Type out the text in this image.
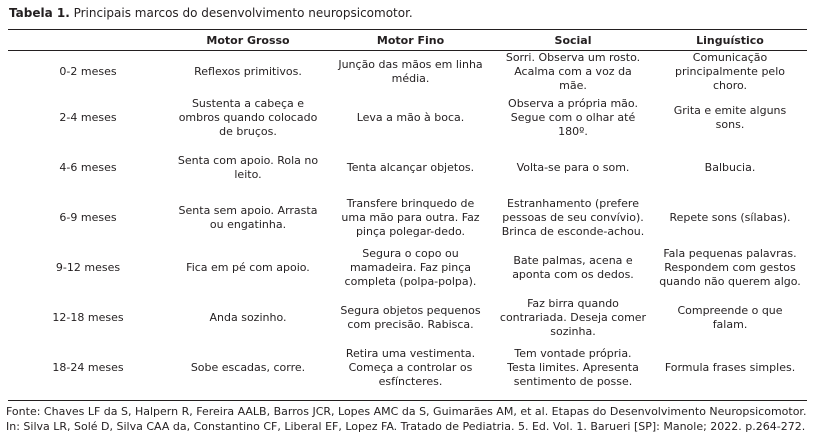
Tabela 1. Principais marcos do desenvolvimento neuropsicomotor.
	Motor Grosso	Motor Fino	Social	Linguístico
0-2 meses	Reflexos primitivos.	Junção das mãos em linha média.	Sorri. Observa um rosto. Acalma com a voz da mãe.	Comunicação principalmente pelo choro.
2-4 meses	Sustenta a cabeça e ombros quando colocado de bruços.	Leva a mão à boca.	Observa a própria mão. Segue com o olhar até 180º.	Grita e emite alguns sons.
4-6 meses	Senta com apoio. Rola no leito.	Tenta alcançar objetos.	Volta-se para o som.	Balbucia.
6-9 meses	Senta sem apoio. Arrasta ou engatinha.	Transfere brinquedo de uma mão para outra. Faz pinça polegar-dedo.	Estranhamento (prefere pessoas de seu convívio). Brinca de esconde-achou.	Repete sons (sílabas).
9-12 meses	Fica em pé com apoio.	Segura o copo ou mamadeira. Faz pinça completa (polpa-polpa).	Bate palmas, acena e aponta com os dedos.	Fala pequenas palavras. Respondem com gestos quando não querem algo.
12-18 meses	Anda sozinho.	Segura objetos pequenos com precisão. Rabisca.	Faz birra quando contrariada. Deseja comer sozinha.	Compreende o que falam.
18-24 meses	Sobe escadas, corre.	Retira uma vestimenta. Começa a controlar os esfíncteres.	Tem vontade própria. Testa limites. Apresenta sentimento de posse.	Formula frases simples.
Fonte: Chaves LF da S, Halpern R, Fereira AALB, Barros JCR, Lopes AMC da S, Guimarães AM, et al. Etapas do Desenvolvimento Neuropsicomotor. In: Silva LR, Solé D, Silva CAA da, Constantino CF, Liberal EF, Lopez FA. Tratado de Pediatria. 5. Ed. Vol. 1. Barueri [SP]: Manole; 2022. p.264-272.
